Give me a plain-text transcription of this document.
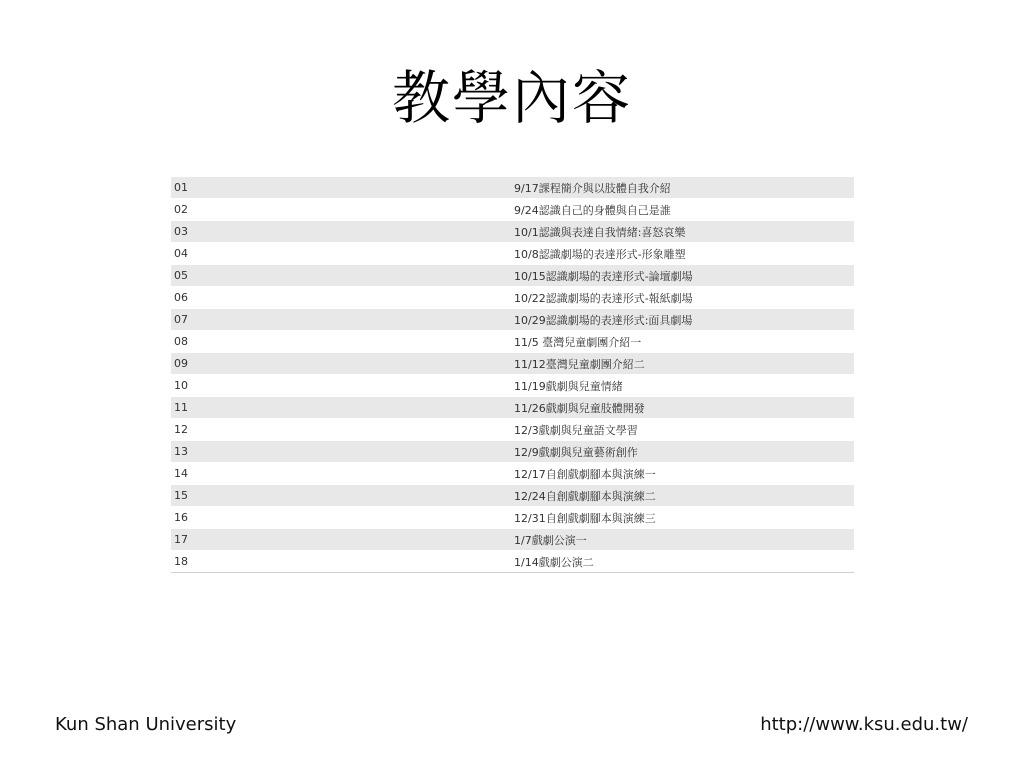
教學內容
01	9/17課程簡介與以肢體自我介紹
02	9/24認識自己的身體與自己是誰
03	10/1認識與表達自我情緒:喜怒哀樂
04	10/8認識劇場的表達形式-形象雕塑
05	10/15認識劇場的表達形式-論壇劇場
06	10/22認識劇場的表達形式-報紙劇場
07	10/29認識劇場的表達形式:面具劇場
08	11/5 臺灣兒童劇團介紹一
09	11/12臺灣兒童劇團介紹二
10	11/19戲劇與兒童情緒
11	11/26戲劇與兒童肢體開發
12	12/3戲劇與兒童語文學習
13	12/9戲劇與兒童藝術創作
14	12/17自創戲劇腳本與演練一
15	12/24自創戲劇腳本與演練二
16	12/31自創戲劇腳本與演練三
17	1/7戲劇公演一
18	1/14戲劇公演二
Kun Shan University	http://www.ksu.edu.tw/
